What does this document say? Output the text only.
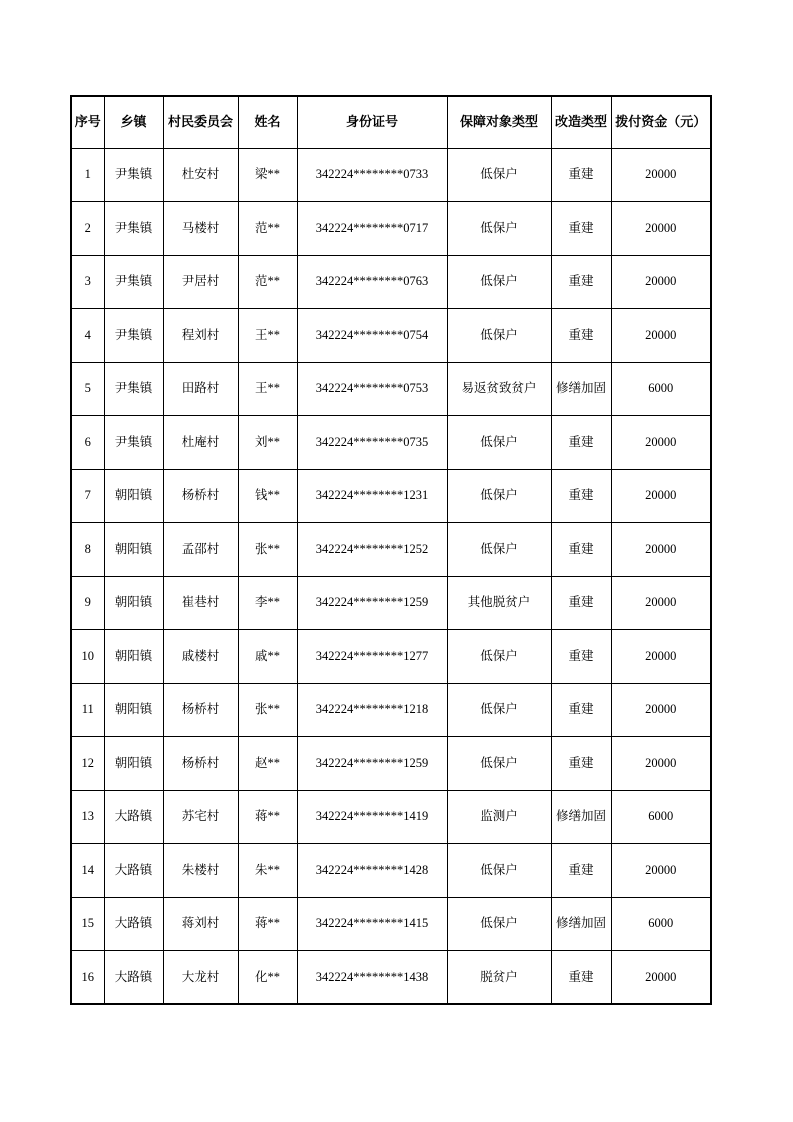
序号	乡镇	村民委员会	姓名	身份证号	保障对象类型	改造类型	拨付资金（元）
1	尹集镇	杜安村	梁**	342224********0733	低保户	重建	20000
2	尹集镇	马楼村	范**	342224********0717	低保户	重建	20000
3	尹集镇	尹居村	范**	342224********0763	低保户	重建	20000
4	尹集镇	程刘村	王**	342224********0754	低保户	重建	20000
5	尹集镇	田路村	王**	342224********0753	易返贫致贫户	修缮加固	6000
6	尹集镇	杜庵村	刘**	342224********0735	低保户	重建	20000
7	朝阳镇	杨桥村	钱**	342224********1231	低保户	重建	20000
8	朝阳镇	孟邵村	张**	342224********1252	低保户	重建	20000
9	朝阳镇	崔巷村	李**	342224********1259	其他脱贫户	重建	20000
10	朝阳镇	戚楼村	戚**	342224********1277	低保户	重建	20000
11	朝阳镇	杨桥村	张**	342224********1218	低保户	重建	20000
12	朝阳镇	杨桥村	赵**	342224********1259	低保户	重建	20000
13	大路镇	苏宅村	蒋**	342224********1419	监测户	修缮加固	6000
14	大路镇	朱楼村	朱**	342224********1428	低保户	重建	20000
15	大路镇	蒋刘村	蒋**	342224********1415	低保户	修缮加固	6000
16	大路镇	大龙村	化**	342224********1438	脱贫户	重建	20000
